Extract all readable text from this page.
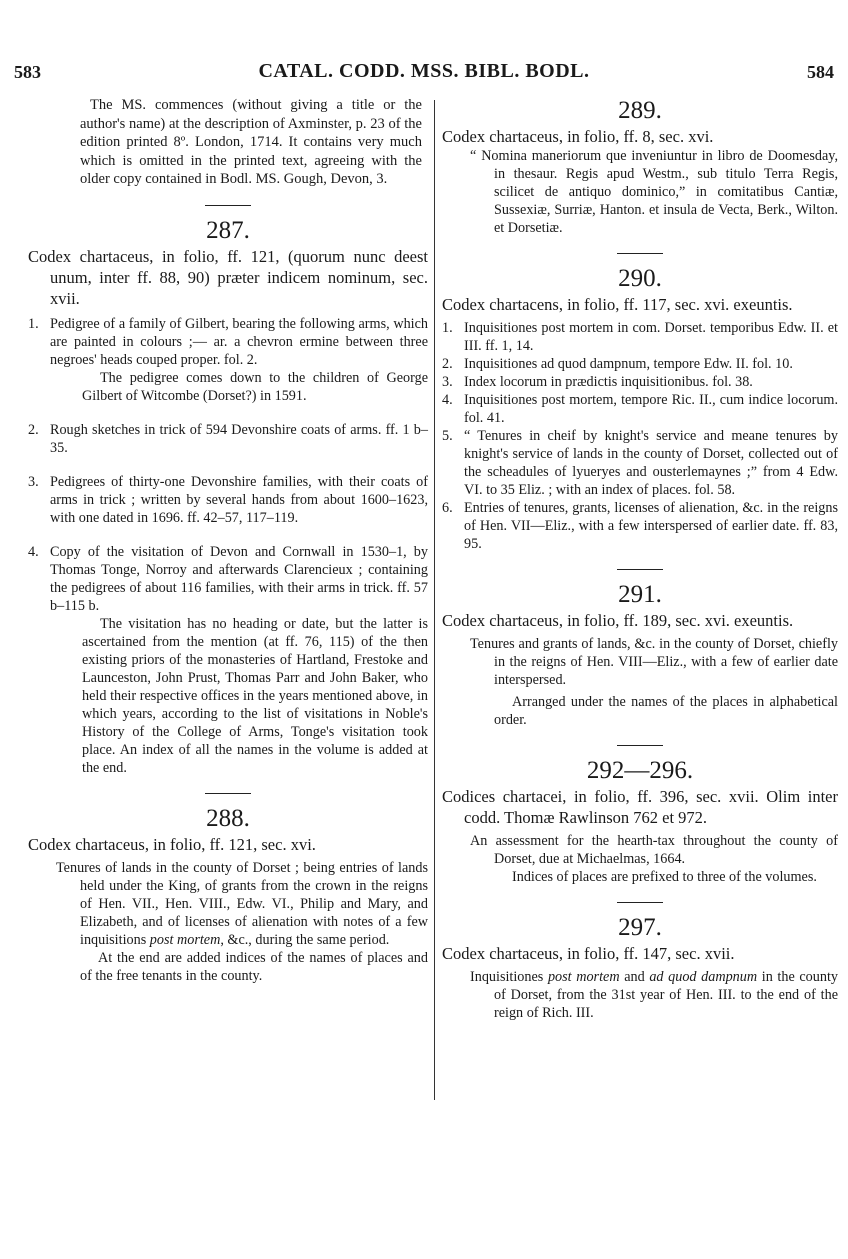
583	CATAL. CODD. MSS. BIBL. BODL.	584

The MS. commences (without giving a title or the author's name) at the description of Axminster, p. 23 of the edition printed 8º. London, 1714. It contains very much which is omitted in the printed text, agreeing with the older copy contained in Bodl. MS. Gough, Devon, 3.

287.

Codex chartaceus, in folio, ff. 121, (quorum nunc deest unum, inter ff. 88, 90) præter indicem nominum, sec. xvii.

1. Pedigree of a family of Gilbert, bearing the following arms, which are painted in colours ;— ar. a chevron ermine between three negroes' heads couped proper. fol. 2.

The pedigree comes down to the children of George Gilbert of Witcombe (Dorset?) in 1591.

2. Rough sketches in trick of 594 Devonshire coats of arms. ff. 1 b–35.
3. Pedigrees of thirty-one Devonshire families, with their coats of arms in trick ; written by several hands from about 1600–1623, with one dated in 1696. ff. 42–57, 117–119.
4. Copy of the visitation of Devon and Cornwall in 1530–1, by Thomas Tonge, Norroy and afterwards Clarencieux ; containing the pedigrees of about 116 families, with their arms in trick. ff. 57 b–115 b.

The visitation has no heading or date, but the latter is ascertained from the mention (at ff. 76, 115) of the then existing priors of the monasteries of Hartland, Frestoke and Launceston, John Prust, Thomas Parr and John Baker, who held their respective offices in the years mentioned above, in which years, according to the list of visitations in Noble's History of the College of Arms, Tonge's visitation took place. An index of all the names in the volume is added at the end.

288.

Codex chartaceus, in folio, ff. 121, sec. xvi.

Tenures of lands in the county of Dorset ; being entries of lands held under the King, of grants from the crown in the reigns of Hen. VII., Hen. VIII., Edw. VI., Philip and Mary, and Elizabeth, and of licenses of alienation with notes of a few inquisitions post mortem, &c., during the same period.

At the end are added indices of the names of places and of the free tenants in the county.

289.

Codex chartaceus, in folio, ff. 8, sec. xvi.

“ Nomina maneriorum que inveniuntur in libro de Doomesday, in thesaur. Regis apud Westm., sub titulo Terra Regis, scilicet de antiquo dominico,” in comitatibus Cantiæ, Sussexiæ, Surriæ, Hanton. et insula de Vecta, Berk., Wilton. et Dorsetiæ.

290.

Codex chartacens, in folio, ff. 117, sec. xvi. exeuntis.

1. Inquisitiones post mortem in com. Dorset. temporibus Edw. II. et III. ff. 1, 14.
2. Inquisitiones ad quod dampnum, tempore Edw. II. fol. 10.
3. Index locorum in prædictis inquisitionibus. fol. 38.
4. Inquisitiones post mortem, tempore Ric. II., cum indice locorum. fol. 41.
5. “ Tenures in cheif by knight's service and meane tenures by knight's service of lands in the county of Dorset, collected out of the scheadules of lyueryes and ousterlemaynes ;” from 4 Edw. VI. to 35 Eliz. ; with an index of places. fol. 58.
6. Entries of tenures, grants, licenses of alienation, &c. in the reigns of Hen. VII—Eliz., with a few interspersed of earlier date. ff. 83, 95.

291.

Codex chartaceus, in folio, ff. 189, sec. xvi. exeuntis.

Tenures and grants of lands, &c. in the county of Dorset, chiefly in the reigns of Hen. VIII—Eliz., with a few of earlier date interspersed.

Arranged under the names of the places in alphabetical order.

292—296.

Codices chartacei, in folio, ff. 396, sec. xvii. Olim inter codd. Thomæ Rawlinson 762 et 972.

An assessment for the hearth-tax throughout the county of Dorset, due at Michaelmas, 1664.

Indices of places are prefixed to three of the volumes.

297.

Codex chartaceus, in folio, ff. 147, sec. xvii.

Inquisitiones post mortem and ad quod dampnum in the county of Dorset, from the 31st year of Hen. III. to the end of the reign of Rich. III.
